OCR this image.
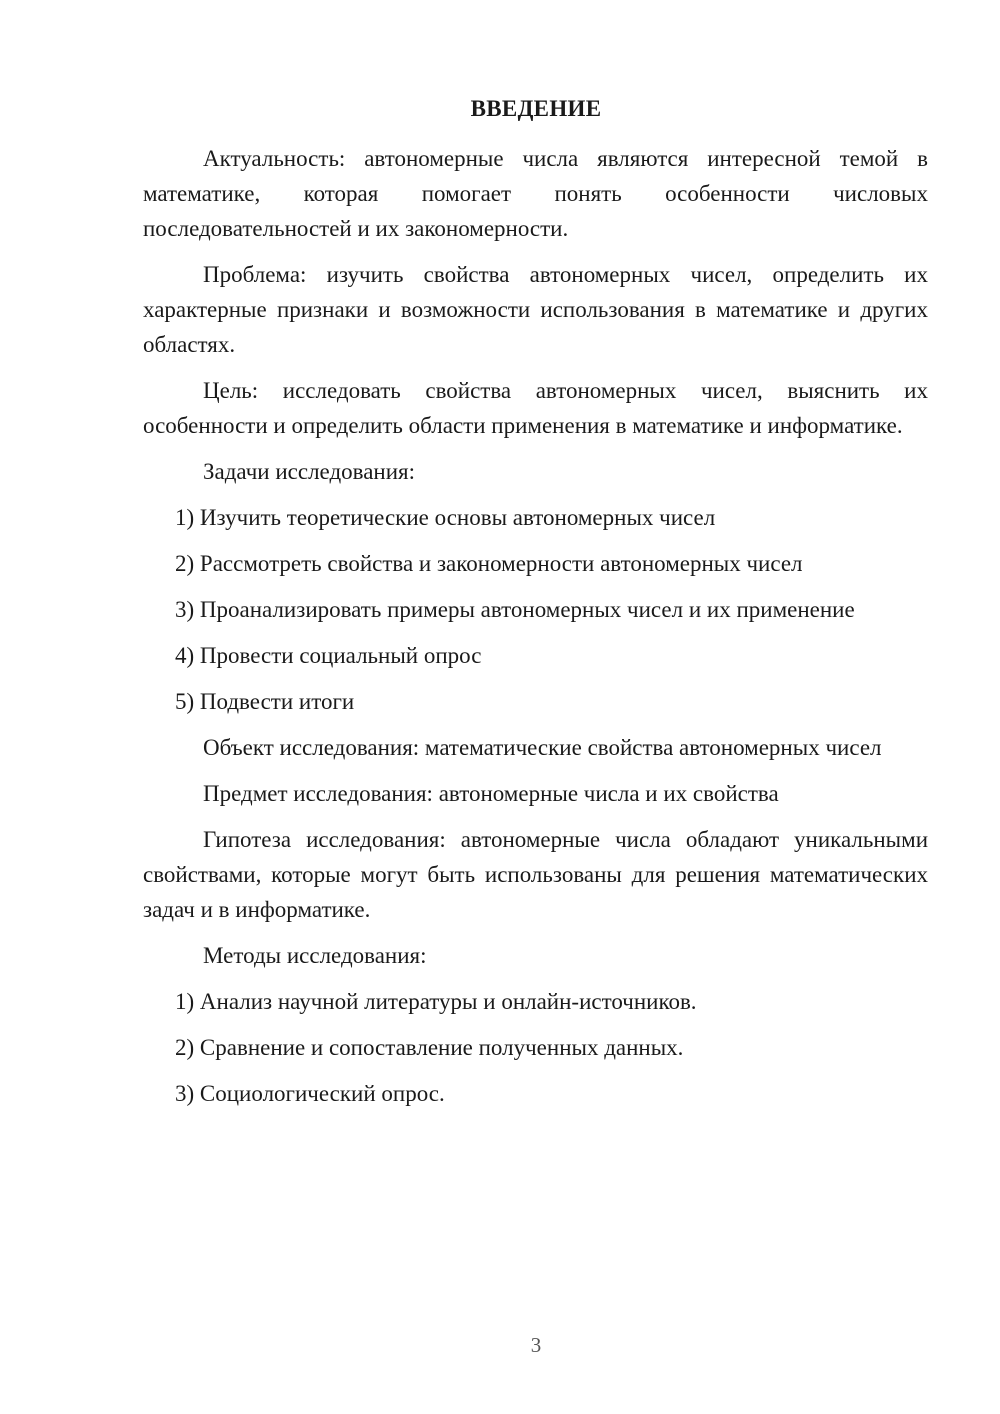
ВВЕДЕНИЕ

Актуальность: автономерные числа являются интересной темой в математике, которая помогает понять особенности числовых последовательностей и их закономерности.

Проблема: изучить свойства автономерных чисел, определить их характерные признаки и возможности использования в математике и других областях.

Цель: исследовать свойства автономерных чисел, выяснить их особенности и определить области применения в математике и информатике.

Задачи исследования:

1) Изучить теоретические основы автономерных чисел

2) Рассмотреть свойства и закономерности автономерных чисел

3) Проанализировать примеры автономерных чисел и их применение

4) Провести социальный опрос

5) Подвести итоги

Объект исследования: математические свойства автономерных чисел

Предмет исследования: автономерные числа и их свойства

Гипотеза исследования: автономерные числа обладают уникальными свойствами, которые могут быть использованы для решения математических задач и в информатике.

Методы исследования:

1) Анализ научной литературы и онлайн-источников.

2) Сравнение и сопоставление полученных данных.

3) Социологический опрос.

3
